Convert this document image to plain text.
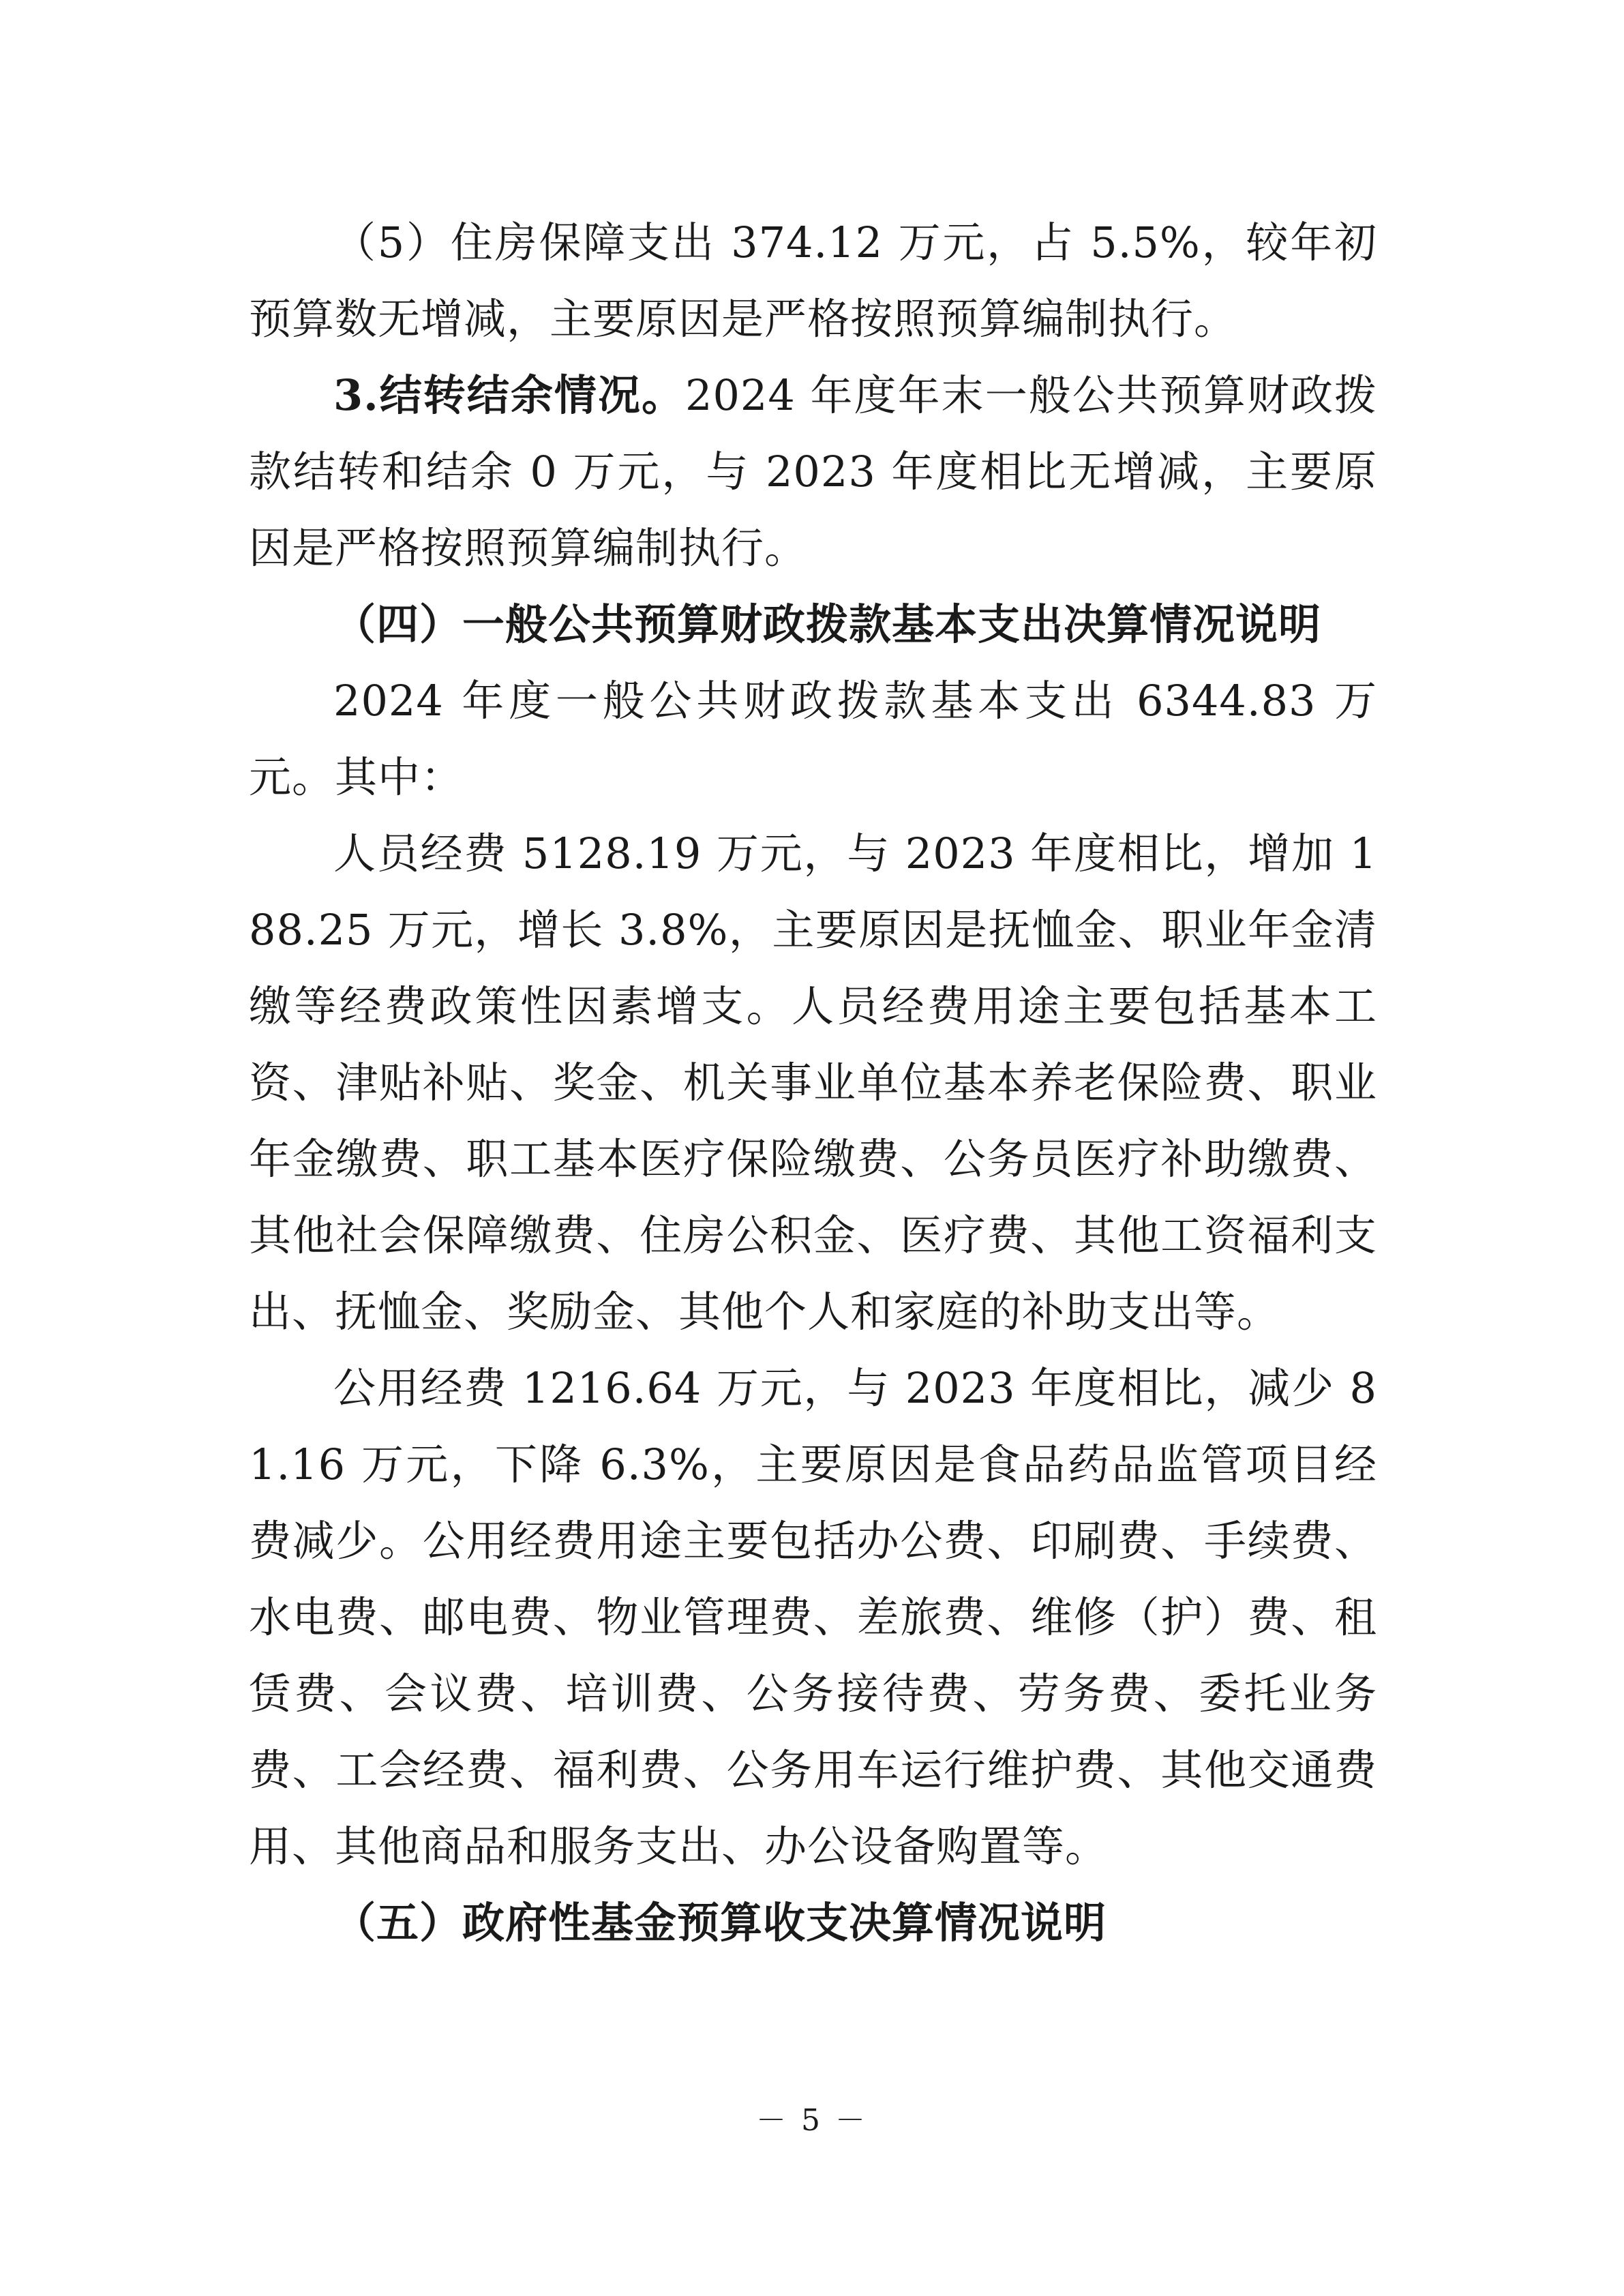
（5）住房保障支出 374.12 万元，占 5.5%，较年初预算数无增减，主要原因是严格按照预算编制执行。

3.结转结余情况。2024 年度年末一般公共预算财政拨款结转和结余 0 万元，与 2023 年度相比无增减，主要原因是严格按照预算编制执行。

（四）一般公共预算财政拨款基本支出决算情况说明

2024 年度一般公共财政拨款基本支出 6344.83 万元。其中：

人员经费 5128.19 万元，与 2023 年度相比，增加 188.25 万元，增长 3.8%，主要原因是抚恤金、职业年金清缴等经费政策性因素增支。人员经费用途主要包括基本工资、津贴补贴、奖金、机关事业单位基本养老保险费、职业年金缴费、职工基本医疗保险缴费、公务员医疗补助缴费、其他社会保障缴费、住房公积金、医疗费、其他工资福利支出、抚恤金、奖励金、其他个人和家庭的补助支出等。

公用经费 1216.64 万元，与 2023 年度相比，减少 81.16 万元，下降 6.3%，主要原因是食品药品监管项目经费减少。公用经费用途主要包括办公费、印刷费、手续费、水电费、邮电费、物业管理费、差旅费、维修（护）费、租赁费、会议费、培训费、公务接待费、劳务费、委托业务费、工会经费、福利费、公务用车运行维护费、其他交通费用、其他商品和服务支出、办公设备购置等。

（五）政府性基金预算收支决算情况说明

－ 5 －
